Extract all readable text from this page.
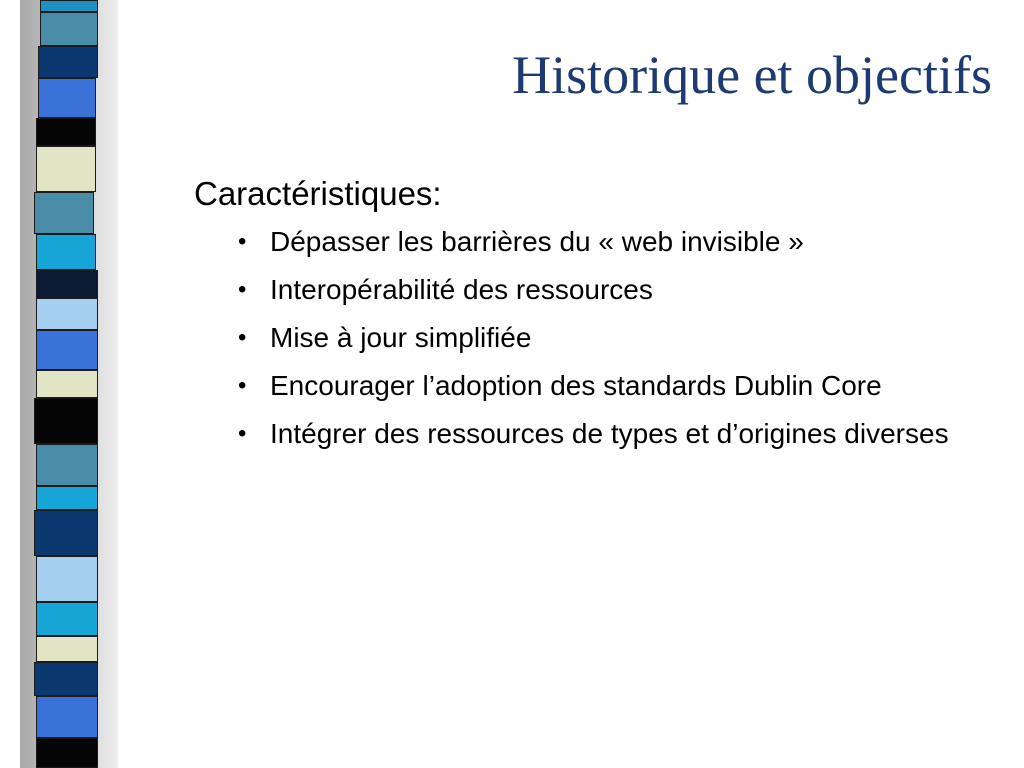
Historique et objectifs

Caractéristiques:

• Dépasser les barrières du « web invisible »
• Interopérabilité des ressources
• Mise à jour simplifiée
• Encourager l’adoption des standards Dublin Core
• Intégrer des ressources de types et d’origines diverses
